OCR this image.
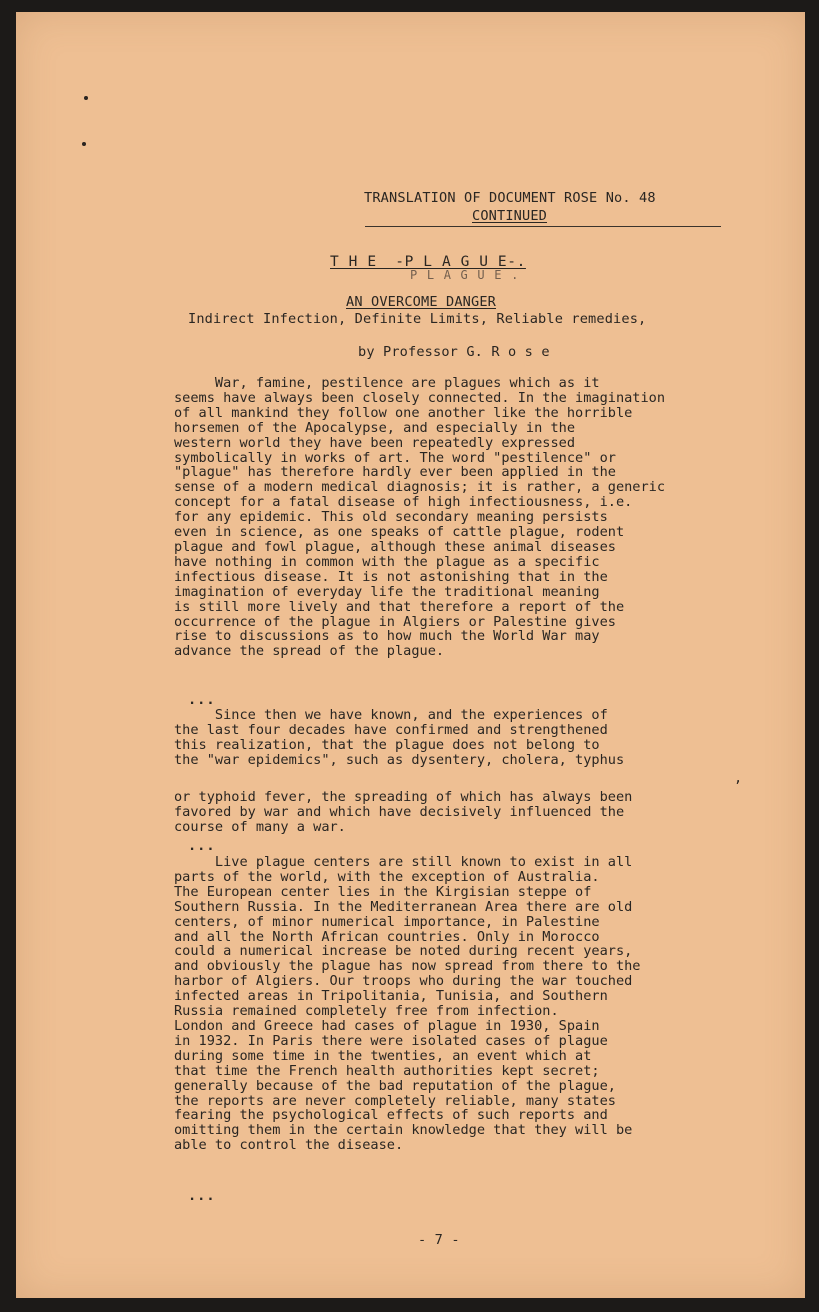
TRANSLATION OF DOCUMENT ROSE No. 48
CONTINUED
T H E  -P L A G U E-.
P L A G U E .
AN OVERCOME DANGER
Indirect Infection, Definite Limits, Reliable remedies,
by Professor G. R o s e
War, famine, pestilence are plagues which as it
seems have always been closely connected. In the imagination
of all mankind they follow one another like the horrible
horsemen of the Apocalypse, and especially in the
western world they have been repeatedly expressed
symbolically in works of art. The word "pestilence" or
"plague" has therefore hardly ever been applied in the
sense of a modern medical diagnosis; it is rather, a generic
concept for a fatal disease of high infectiousness, i.e.
for any epidemic. This old secondary meaning persists
even in science, as one speaks of cattle plague, rodent
plague and fowl plague, although these animal diseases
have nothing in common with the plague as a specific
infectious disease. It is not astonishing that in the
imagination of everyday life the traditional meaning
is still more lively and that therefore a report of the
occurrence of the plague in Algiers or Palestine gives
rise to discussions as to how much the World War may
advance the spread of the plague.
...
Since then we have known, and the experiences of
the last four decades have confirmed and strengthened
this realization, that the plague does not belong to
the "war epidemics", such as dysentery, cholera, typhus
,
or typhoid fever, the spreading of which has always been
favored by war and which have decisively influenced the
course of many a war.
...
Live plague centers are still known to exist in all
parts of the world, with the exception of Australia.
The European center lies in the Kirgisian steppe of
Southern Russia. In the Mediterranean Area there are old
centers, of minor numerical importance, in Palestine
and all the North African countries. Only in Morocco
could a numerical increase be noted during recent years,
and obviously the plague has now spread from there to the
harbor of Algiers. Our troops who during the war touched
infected areas in Tripolitania, Tunisia, and Southern
Russia remained completely free from infection.
London and Greece had cases of plague in 1930, Spain
in 1932. In Paris there were isolated cases of plague
during some time in the twenties, an event which at
that time the French health authorities kept secret;
generally because of the bad reputation of the plague,
the reports are never completely reliable, many states
fearing the psychological effects of such reports and
omitting them in the certain knowledge that they will be
able to control the disease.
...
- 7 -
